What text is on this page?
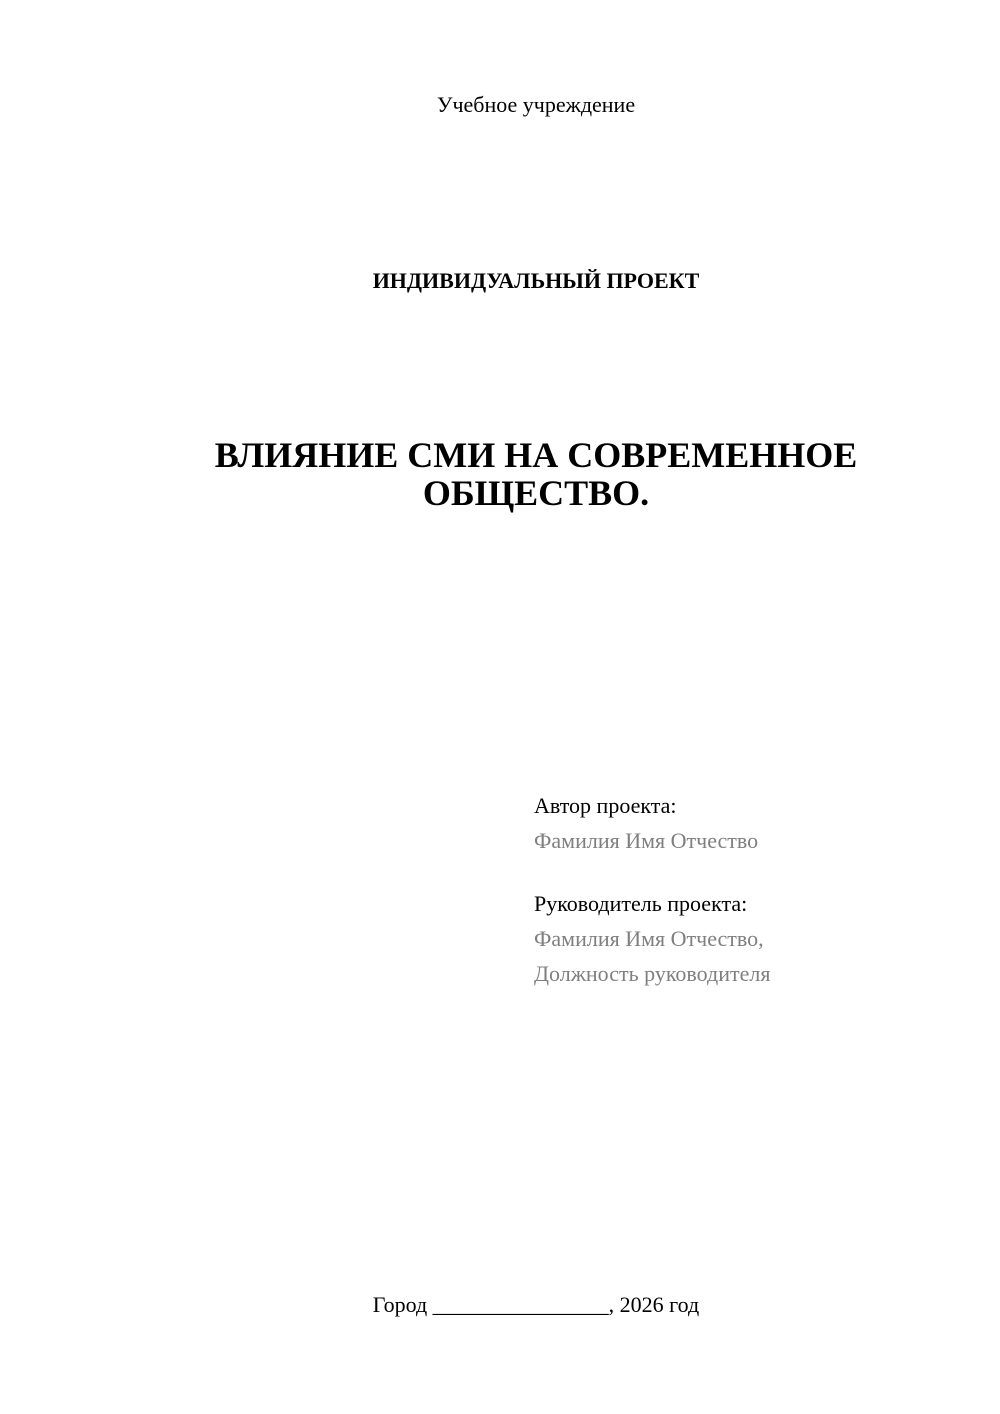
Учебное учреждение
ИНДИВИДУАЛЬНЫЙ ПРОЕКТ
ВЛИЯНИЕ СМИ НА СОВРЕМЕННОЕ
ОБЩЕСТВО.
Автор проекта:
Фамилия Имя Отчество
Руководитель проекта:
Фамилия Имя Отчество,
Должность руководителя
Город ________________, 2026 год
